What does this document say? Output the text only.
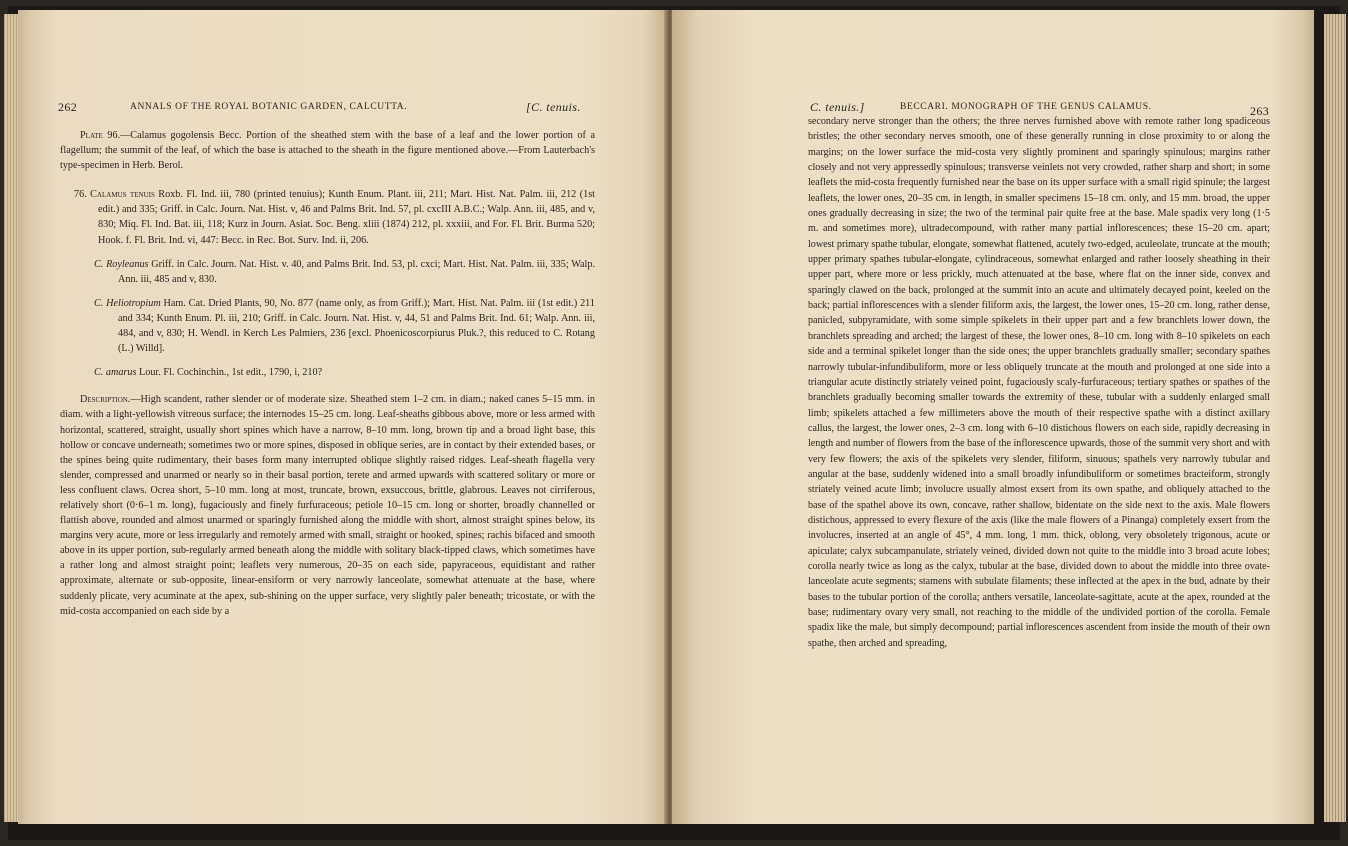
262	ANNALS OF THE ROYAL BOTANIC GARDEN, CALCUTTA.	[C. tenuis.

Plate 96.—Calamus gogolensis Becc. Portion of the sheathed stem with the base of a leaf and the lower portion of a flagellum; the summit of the leaf, of which the base is attached to the sheath in the figure mentioned above.—From Lauterbach's type-specimen in Herb. Berol.

76. Calamus tenuis Roxb. Fl. Ind. iii, 780 (printed tenuius); Kunth Enum. Plant. iii, 211; Mart. Hist. Nat. Palm. iii, 212 (1st edit.) and 335; Griff. in Calc. Journ. Nat. Hist. v, 46 and Palms Brit. Ind. 57, pl. cxcIII A.B.C.; Walp. Ann. iii, 485, and v, 830; Miq. Fl. Ind. Bat. iii, 118; Kurz in Journ. Asiat. Soc. Beng. xliii (1874) 212, pl. xxxiii, and For. Fl. Brit. Burma 520; Hook. f. Fl. Brit. Ind. vi, 447: Becc. in Rec. Bot. Surv. Ind. ii, 206.

C. Royleanus Griff. in Calc. Journ. Nat. Hist. v. 40, and Palms Brit. Ind. 53, pl. cxci; Mart. Hist. Nat. Palm. iii, 335; Walp. Ann. iii, 485 and v, 830.

C. Heliotropium Ham. Cat. Dried Plants, 90, No. 877 (name only, as from Griff.); Mart. Hist. Nat. Palm. iii (1st edit.) 211 and 334; Kunth Enum. Pl. iii, 210; Griff. in Calc. Journ. Nat. Hist. v, 44, 51 and Palms Brit. Ind. 61; Walp. Ann. iii, 484, and v, 830; H. Wendl. in Kerch Les Palmiers, 236 [excl. Phoenicoscorpiurus Pluk.?, this reduced to C. Rotang (L.) Willd].

C. amarus Lour. Fl. Cochinchin., 1st edit., 1790, i, 210?

Description.—High scandent, rather slender or of moderate size. Sheathed stem 1–2 cm. in diam.; naked canes 5–15 mm. in diam. with a light-yellowish vitreous surface; the internodes 15–25 cm. long. Leaf-sheaths gibbous above, more or less armed with horizontal, scattered, straight, usually short spines which have a narrow, 8–10 mm. long, brown tip and a broad light base, this hollow or concave underneath; sometimes two or more spines, disposed in oblique series, are in contact by their extended bases, or the spines being quite rudimentary, their bases form many interrupted oblique slightly raised ridges. Leaf-sheath flagella very slender, compressed and unarmed or nearly so in their basal portion, terete and armed upwards with scattered solitary or more or less confluent claws. Ocrea short, 5–10 mm. long at most, truncate, brown, exsuccous, brittle, glabrous. Leaves not cirriferous, relatively short (0·6–1 m. long), fugaciously and finely furfuraceous; petiole 10–15 cm. long or shorter, broadly channelled or flattish above, rounded and almost unarmed or sparingly furnished along the middle with short, almost straight spines below, its margins very acute, more or less irregularly and remotely armed with small, straight or hooked, spines; rachis bifaced and smooth above in its upper portion, sub-regularly armed beneath along the middle with solitary black-tipped claws, which sometimes have a rather long and almost straight point; leaflets very numerous, 20–35 on each side, papyraceous, equidistant and rather approximate, alternate or sub-opposite, linear-ensiform or very narrowly lanceolate, somewhat attenuate at the base, where suddenly plicate, very acuminate at the apex, sub-shining on the upper surface, very slightly paler beneath; tricostate, or with the mid-costa accompanied on each side by a

C. tenuis.]	BECCARI. MONOGRAPH OF THE GENUS CALAMUS.	263

secondary nerve stronger than the others; the three nerves furnished above with remote rather long spadiceous bristles; the other secondary nerves smooth, one of these generally running in close proximity to or along the margins; on the lower surface the mid-costa very slightly prominent and sparingly spinulous; margins rather closely and not very appressedly spinulous; transverse veinlets not very crowded, rather sharp and short; in some leaflets the mid-costa frequently furnished near the base on its upper surface with a small rigid spinule; the largest leaflets, the lower ones, 20–35 cm. in length, in smaller specimens 15–18 cm. only, and 15 mm. broad, the upper ones gradually decreasing in size; the two of the terminal pair quite free at the base. Male spadix very long (1·5 m. and sometimes more), ultradecompound, with rather many partial inflorescences; these 15–20 cm. apart; lowest primary spathe tubular, elongate, somewhat flattened, acutely two-edged, aculeolate, truncate at the mouth; upper primary spathes tubular-elongate, cylindraceous, somewhat enlarged and rather loosely sheathing in their upper part, where more or less prickly, much attenuated at the base, where flat on the inner side, convex and sparingly clawed on the back, prolonged at the summit into an acute and ultimately decayed point, keeled on the back; partial inflorescences with a slender filiform axis, the largest, the lower ones, 15–20 cm. long, rather dense, panicled, subpyramidate, with some simple spikelets in their upper part and a few branchlets lower down, the branchlets spreading and arched; the largest of these, the lower ones, 8–10 cm. long with 8–10 spikelets on each side and a terminal spikelet longer than the side ones; the upper branchlets gradually smaller; secondary spathes narrowly tubular-infundibuliform, more or less obliquely truncate at the mouth and prolonged at one side into a triangular acute distinctly striately veined point, fugaciously scaly-furfuraceous; tertiary spathes or spathes of the branchlets gradually becoming smaller towards the extremity of these, tubular with a suddenly enlarged small limb; spikelets attached a few millimeters above the mouth of their respective spathe with a distinct axillary callus, the largest, the lower ones, 2–3 cm. long with 6–10 distichous flowers on each side, rapidly decreasing in length and number of flowers from the base of the inflorescence upwards, those of the summit very short and with very few flowers; the axis of the spikelets very slender, filiform, sinuous; spathels very narrowly tubular and angular at the base, suddenly widened into a small broadly infundibuliform or sometimes bracteiform, strongly striately veined acute limb; involucre usually almost exsert from its own spathe, and obliquely attached to the base of the spathel above its own, concave, rather shallow, bidentate on the side next to the axis. Male flowers distichous, appressed to every flexure of the axis (like the male flowers of a Pinanga) completely exsert from the involucres, inserted at an angle of 45°, 4 mm. long, 1 mm. thick, oblong, very obsoletely trigonous, acute or apiculate; calyx subcampanulate, striately veined, divided down not quite to the middle into 3 broad acute lobes; corolla nearly twice as long as the calyx, tubular at the base, divided down to about the middle into three ovate-lanceolate acute segments; stamens with subulate filaments; these inflected at the apex in the bud, adnate by their bases to the tubular portion of the corolla; anthers versatile, lanceolate-sagittate, acute at the apex, rounded at the base; rudimentary ovary very small, not reaching to the middle of the undivided portion of the corolla. Female spadix like the male, but simply decompound; partial inflorescences ascendent from inside the mouth of their own spathe, then arched and spreading,
